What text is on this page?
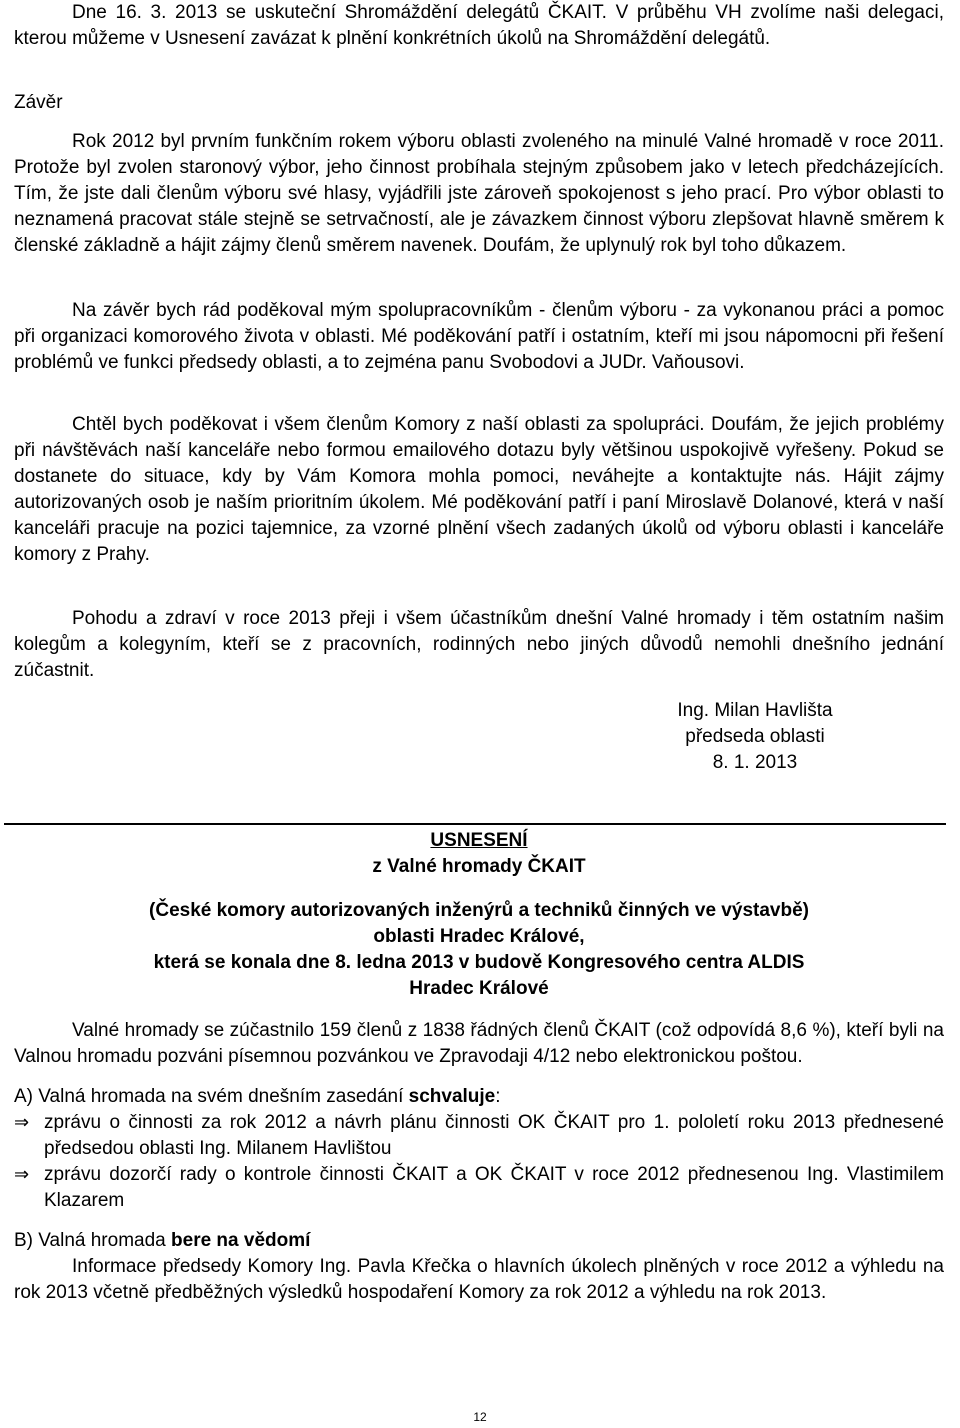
Dne 16. 3. 2013 se uskuteční Shromáždění delegátů ČKAIT. V průběhu VH zvolíme naši delegaci, kterou můžeme v Usnesení zavázat k plnění konkrétních úkolů na Shromáždění delegátů.

Závěr

Rok 2012 byl prvním funkčním rokem výboru oblasti zvoleného na minulé Valné hromadě v roce 2011. Protože byl zvolen staronový výbor, jeho činnost probíhala stejným způsobem jako v letech předcházejících. Tím, že jste dali členům výboru své hlasy, vyjádřili jste zároveň spokojenost s jeho prací. Pro výbor oblasti to neznamená pracovat stále stejně se setrvačností, ale je závazkem činnost výboru zlepšovat hlavně směrem k členské základně a hájit zájmy členů směrem navenek. Doufám, že uplynulý rok byl toho důkazem.

Na závěr bych rád poděkoval mým spolupracovníkům - členům výboru - za vykonanou práci a pomoc při organizaci komorového života v oblasti. Mé poděkování patří i ostatním, kteří mi jsou nápomocni při řešení problémů ve funkci předsedy oblasti, a to zejména panu Svobodovi a JUDr. Vaňousovi.

Chtěl bych poděkovat i všem členům Komory z naší oblasti za spolupráci. Doufám, že jejich problémy při návštěvách naší kanceláře nebo formou emailového dotazu byly většinou uspokojivě vyřešeny. Pokud se dostanete do situace, kdy by Vám Komora mohla pomoci, neváhejte a kontaktujte nás. Hájit zájmy autorizovaných osob je naším prioritním úkolem. Mé poděkování patří i paní Miroslavě Dolanové, která v naší kanceláři pracuje na pozici tajemnice, za vzorné plnění všech zadaných úkolů od výboru oblasti i kanceláře komory z Prahy.

Pohodu a zdraví v roce 2013 přeji i všem účastníkům dnešní Valné hromady i těm ostatním našim kolegům a kolegyním, kteří se z pracovních, rodinných nebo jiných důvodů nemohli dnešního jednání zúčastnit.

Ing. Milan Havlišta

předseda oblasti

8. 1. 2013

USNESENÍ

z Valné hromady ČKAIT

(České komory autorizovaných inženýrů a techniků činných ve výstavbě)

oblasti Hradec Králové,

která se konala dne 8. ledna 2013 v budově Kongresového centra ALDIS

Hradec Králové

Valné hromady se zúčastnilo 159 členů z 1838 řádných členů ČKAIT (což odpovídá 8,6 %), kteří byli na Valnou hromadu pozváni písemnou pozvánkou ve Zpravodaji 4/12 nebo elektronickou poštou.

A) Valná hromada na svém dnešním zasedání schvaluje:

⇒ zprávu o činnosti za rok 2012 a návrh plánu činnosti OK ČKAIT pro 1. pololetí roku 2013 přednesené předsedou oblasti Ing. Milanem Havlištou
⇒ zprávu dozorčí rady o kontrole činnosti ČKAIT a OK ČKAIT v roce 2012 přednesenou Ing. Vlastimilem Klazarem

B) Valná hromada bere na vědomí

Informace předsedy Komory Ing. Pavla Křečka o hlavních úkolech plněných v roce 2012 a výhledu na rok 2013 včetně předběžných výsledků hospodaření Komory za rok 2012 a výhledu na rok 2013.

12
